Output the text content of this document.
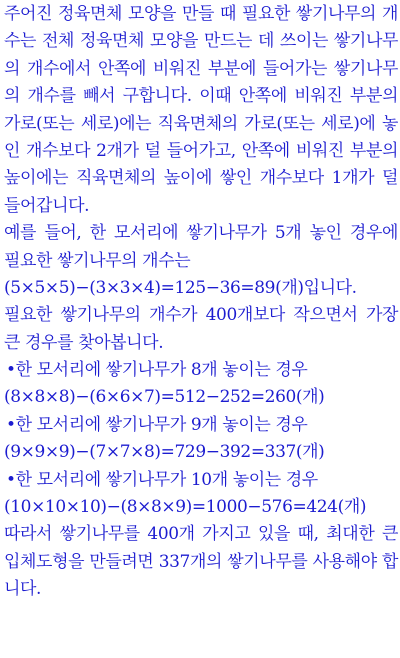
주어진 정육면체 모양을 만들 때 필요한 쌓기나무의 개
수는 전체 정육면체 모양을 만드는 데 쓰이는 쌓기나무
의 개수에서 안쪽에 비워진 부분에 들어가는 쌓기나무
의 개수를 빼서 구합니다. 이때 안쪽에 비워진 부분의
가로(또는 세로)에는 직육면체의 가로(또는 세로)에 놓
인 개수보다 2개가 덜 들어가고, 안쪽에 비워진 부분의
높이에는 직육면체의 높이에 쌓인 개수보다 1개가 덜
들어갑니다.
예를 들어, 한 모서리에 쌓기나무가 5개 놓인 경우에
필요한 쌓기나무의 개수는
(5×5×5)−(3×3×4)=125−36=89(개)입니다.
필요한 쌓기나무의 개수가 400개보다 작으면서 가장
큰 경우를 찾아봅니다.
•한 모서리에 쌓기나무가 8개 놓이는 경우
(8×8×8)−(6×6×7)=512−252=260(개)
•한 모서리에 쌓기나무가 9개 놓이는 경우
(9×9×9)−(7×7×8)=729−392=337(개)
•한 모서리에 쌓기나무가 10개 놓이는 경우
(10×10×10)−(8×8×9)=1000−576=424(개)
따라서 쌓기나무를 400개 가지고 있을 때, 최대한 큰
입체도형을 만들려면 337개의 쌓기나무를 사용해야 합
니다.
